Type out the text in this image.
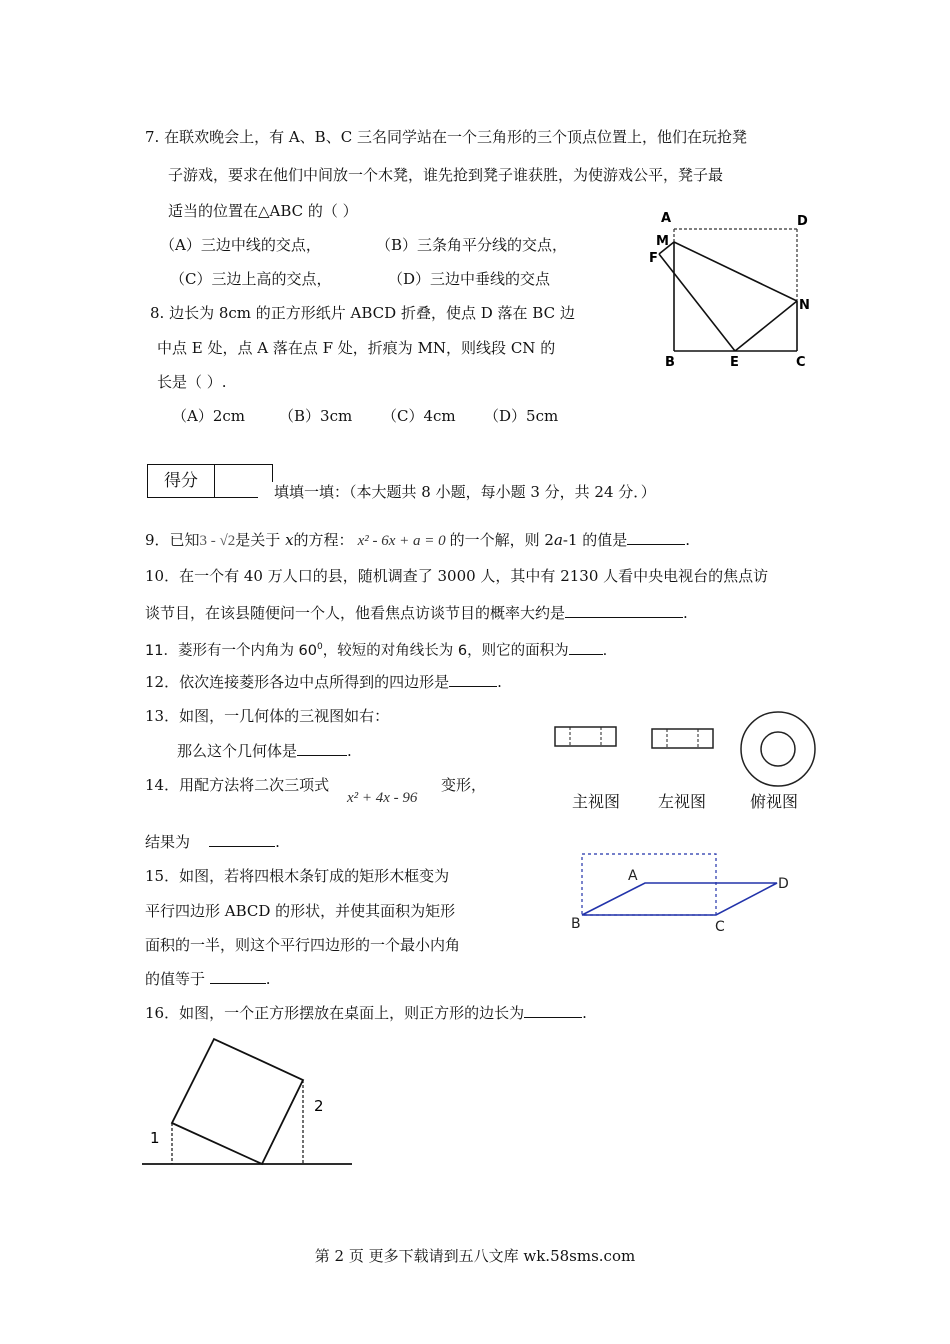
7. 在联欢晚会上，有 A、B、C 三名同学站在一个三角形的三个顶点位置上，他们在玩抢凳
子游戏，要求在他们中间放一个木凳，谁先抢到凳子谁获胜，为使游戏公平，凳子最
适当的位置在△ABC 的（ ）
（A）三边中线的交点，	（B）三条角平分线的交点，
（C）三边上高的交点，	（D）三边中垂线的交点
8. 边长为 8cm 的正方形纸片 ABCD 折叠，使点 D 落在 BC 边
中点 E 处，点 A 落在点 F 处，折痕为 MN，则线段 CN 的
长是（ ）.
（A）2cm （B）3cm （C）4cm （D）5cm
A	D
M
F
N
B	E	C
得分
填填一填：（本大题共 8 小题，每小题 3 分，共 24 分．）
9．已知3 - √2是关于 x的方程： x² - 6x + a = 0 的一个解，则 2a-1 的值是	.
10．在一个有 40 万人口的县，随机调查了 3000 人，其中有 2130 人看中央电视台的焦点访
谈节目，在该县随便问一个人，他看焦点访谈节目的概率大约是	.
11．菱形有一个内角为 $60^0$，较短的对角线长为 6，则它的面积为 .
12．依次连接菱形各边中点所得到的四边形是	.
13．如图，一几何体的三视图如右：
那么这个几何体是	.
主视图 左视图	俯视图
14．用配方法将二次三项式
x² + 4x - 96
变形，
结果为	.
15．如图，若将四根木条钉成的矩形木框变为
平行四边形 ABCD 的形状，并使其面积为矩形
面积的一半，则这个平行四边形的一个最小内角
的值等于	.
A	D
B	C
16．如图，一个正方形摆放在桌面上，则正方形的边长为	.
1
2
第 2 页 更多下载请到五八文库 wk.58sms.com
